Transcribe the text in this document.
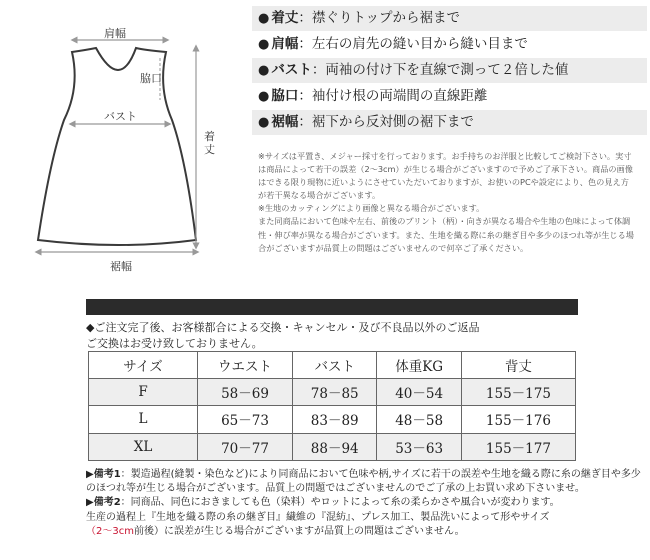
肩幅
脇口
バスト
着丈
裾幅
● 着丈：襟ぐりトップから裾まで
● 肩幅：左右の肩先の縫い目から縫い目まで
● バスト：両袖の付け下を直線で測って２倍した値
● 脇口：袖付け根の両端間の直線距離
● 裾幅：裾下から反対側の裾下まで

※サイズは平置き、メジャー採寸を行っております。お手持ちのお洋服と比較してご検討下さい。実寸は商品によって若干の誤差（2～3cm）が生じる場合がございますので予めご了承下さい。商品の画像はできる限り現物に近いようにさせていただいておりますが、お使いのPCや設定により、色の見え方が若干異なる場合がございます。

※生地のカッティングにより画像と異なる場合がございます。

また同商品において色味や左右、前後のプリント（柄）・向きが異なる場合や生地の色味によって体調性・伸び率が異なる場合がございます。また、生地を織る際に糸の継ぎ目や多少のほつれ等が生じる場合がございますが品質上の問題はございませんので何卒ご了承ください。

◆ご注文完了後、お客様都合による交換・キャンセル・及び不良品以外のご返品

ご交換はお受け致しておりません。

サイズ	ウエスト	バスト	体重KG	背丈
F	58－69	78－85	40－54	155－175
L	65－73	83－89	48－58	155－176
XL	70－77	88－94	53－63	155－177

▶備考1：製造過程(縫製・染色など)により同商品において色味や柄,サイズに若干の誤差や生地を織る際に糸の継ぎ目や多少のほつれ等が生じる場合がございます。品質上の問題ではございませんのでご了承の上お買い求め下さいませ。

▶備考2：同商品、同色におきましても色（染料）やロットによって糸の柔らかさや風合いが変わります。

生産の過程上『生地を織る際の糸の継ぎ目』繊維の『混紡』、プレス加工、製品洗いによって形やサイズ

（2～3cm前後）に誤差が生じる場合がございますが品質上の問題はございません。
